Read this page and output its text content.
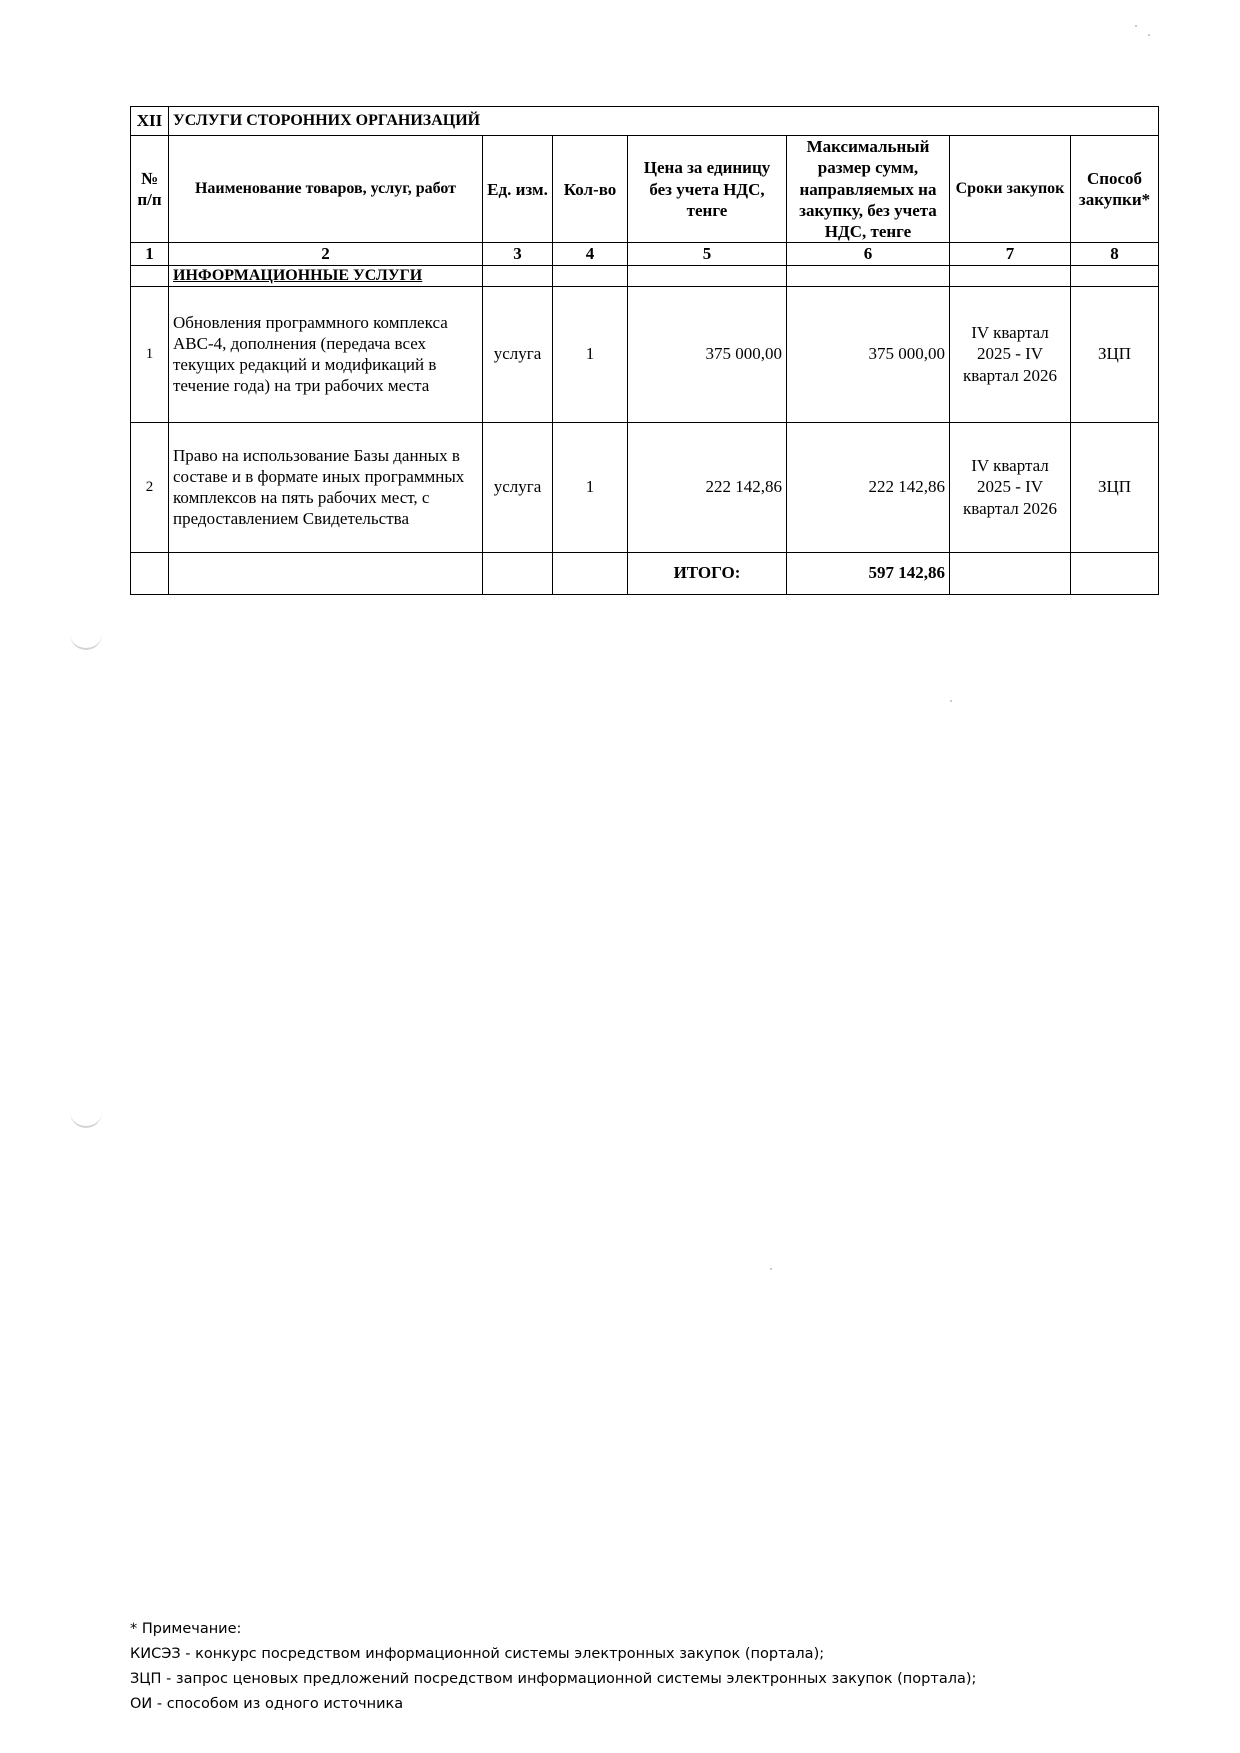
XII	УСЛУГИ СТОРОННИХ ОРГАНИЗАЦИЙ						
№ п/п	Наименование товаров, услуг, работ	Ед. изм.	Кол-во	Цена за единицу без учета НДС, тенге	Максимальный размер сумм, направляемых на закупку, без учета НДС, тенге	Сроки закупок	Способ закупки*
1	2	3	4	5	6	7	8
	ИНФОРМАЦИОННЫЕ УСЛУГИ						
1	Обновления программного комплекса АВС-4, дополнения (передача всех текущих редакций и модификаций в течение года) на три рабочих места	услуга	1	375 000,00	375 000,00	IV квартал 2025 - IV квартал 2026	ЗЦП
2	Право на использование Базы данных в составе и в формате иных программных комплексов на пять рабочих мест, с предоставлением Свидетельства	услуга	1	222 142,86	222 142,86	IV квартал 2025 - IV квартал 2026	ЗЦП
				ИТОГО:	597 142,86		
* Примечание:
КИСЭЗ - конкурс посредством информационной системы электронных закупок (портала);
ЗЦП - запрос ценовых предложений посредством информационной системы электронных закупок (портала);
ОИ - способом из одного источника
